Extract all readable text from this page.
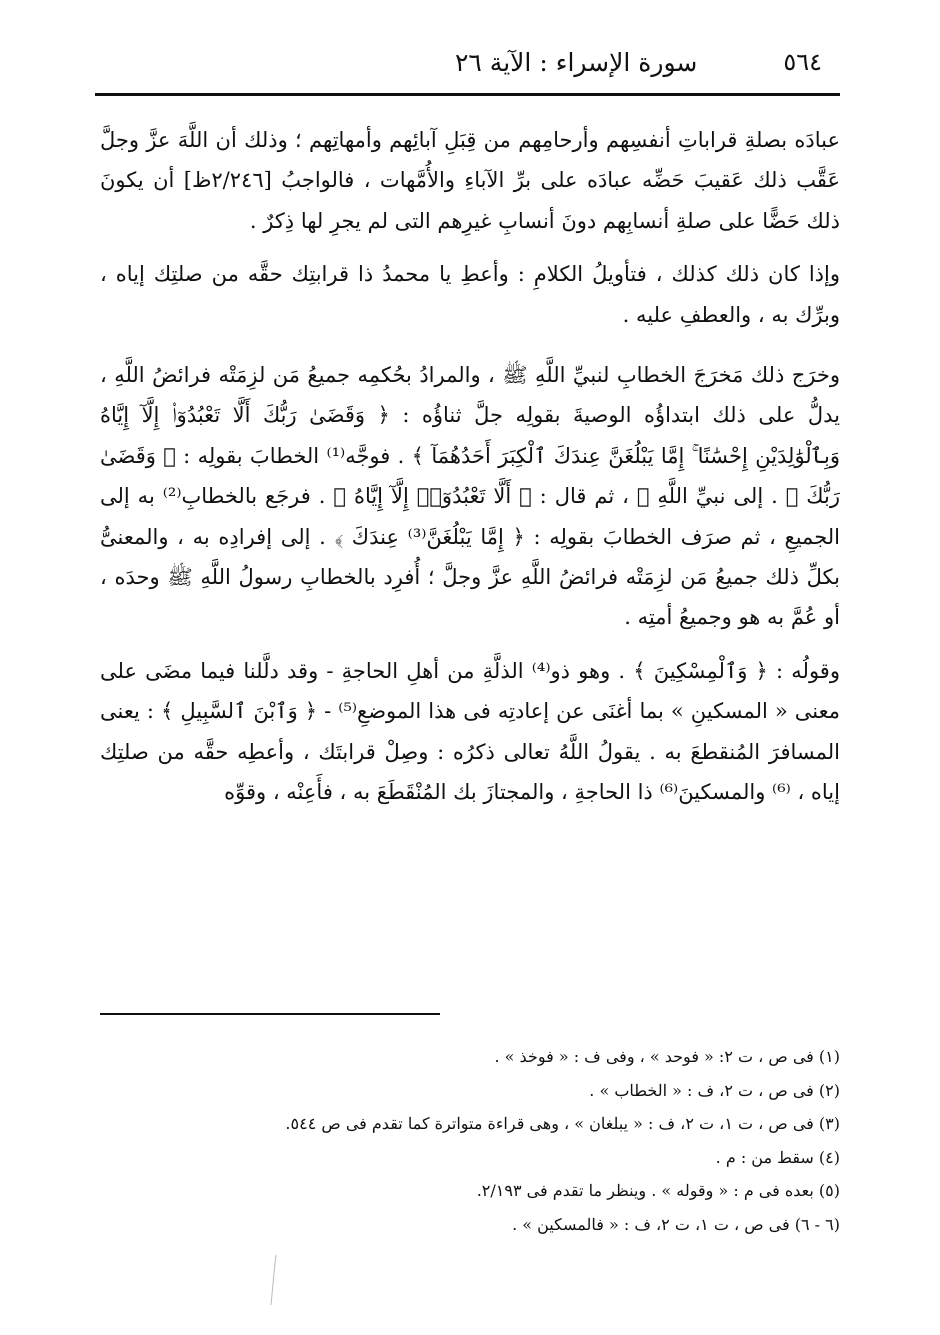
٥٦٤
سورة الإسراء : الآية ٢٦

عبادَه بصلةِ قراباتِ أنفسِهم وأرحامِهم من قِبَلِ آبائِهم وأمهاتِهم ؛ وذلك أن اللَّهَ عزَّ وجلَّ عَقَّب ذلك عَقيبَ حَضِّه عبادَه على برِّ الآباءِ والأُمَّهات ، فالواجبُ [٢/٢٤٦ظ] أن يكونَ ذلك حَضًّا على صلةِ أنسابِهم دونَ أنسابِ غيرِهم التى لم يجرِ لها ذِكرٌ .

وإذا كان ذلك كذلك ، فتأويلُ الكلامِ : وأعطِ يا محمدُ ذا قرابتِك حقَّه من صلتِك إياه ، وبرِّك به ، والعطفِ عليه .

وخرَج ذلك مَخرَجَ الخطابِ لنبيِّ اللَّهِ ﷺ ، والمرادُ بحُكمِه جميعُ مَن لزِمَتْه فرائضُ اللَّهِ ، يدلُّ على ذلك ابتداؤُه الوصيةَ بقولِه جلَّ ثناؤُه : ﴿ وَقَضَىٰ رَبُّكَ أَلَّا تَعْبُدُوٓا۟ إِلَّآ إِيَّاهُ وَبِٱلْوَٰلِدَيْنِ إِحْسَٰنًا ۚ إِمَّا يَبْلُغَنَّ عِندَكَ ٱلْكِبَرَ أَحَدُهُمَآ ﴾ . فوجَّه⁽¹⁾ الخطابَ بقولِه : ﴿ وَقَضَىٰ رَبُّكَ ﴾ . إلى نبيِّ اللَّهِ ﷺ ، ثم قال : ﴿ أَلَّا تَعْبُدُوٓا۟ إِلَّآ إِيَّاهُ ﴾ . فرجَع بالخطابِ⁽²⁾ به إلى الجميعِ ، ثم صرَف الخطابَ بقولِه : ﴿ إِمَّا يَبْلُغَنَّ⁽³⁾ عِندَكَ ﴾ . إلى إفرادِه به ، والمعنىُّ بكلِّ ذلك جميعُ مَن لزِمَتْه فرائضُ اللَّهِ عزَّ وجلَّ ؛ أُفرِد بالخطابِ رسولُ اللَّهِ ﷺ وحدَه ، أو عُمَّ به هو وجميعُ أمتِه .

وقولُه : ﴿ وَٱلْمِسْكِينَ ﴾ . وهو ذو⁽⁴⁾ الذلَّةِ من أهلِ الحاجةِ - وقد دلَّلنا فيما مضَى على معنى « المسكينِ » بما أغنَى عن إعادتِه فى هذا الموضعِ⁽⁵⁾ - ﴿ وَٱبْنَ ٱلسَّبِيلِ ﴾ : يعنى المسافرَ المُنقطعَ به . يقولُ اللَّهُ تعالى ذكرُه : وصِلْ قرابتَك ، وأعطِه حقَّه من صلتِك إياه ، ⁽⁶⁾ والمسكينَ⁽⁶⁾ ذا الحاجةِ ، والمجتازَ بك المُنْقَطَعَ به ، فأَعِنْه ، وقوِّه

(١) فى ص ، ت ٢: « فوحد » ، وفى ف : « فوخذ » .
(٢) فى ص ، ت ٢، ف : « الخطاب » .
(٣) فى ص ، ت ١، ت ٢، ف : « يبلغان » ، وهى قراءة متواترة كما تقدم فى ص ٥٤٤.
(٤) سقط من : م .
(٥) بعده فى م : « وقوله » . وينظر ما تقدم فى ٢/١٩٣.
(٦ - ٦) فى ص ، ت ١، ت ٢، ف : « فالمسكين » .
